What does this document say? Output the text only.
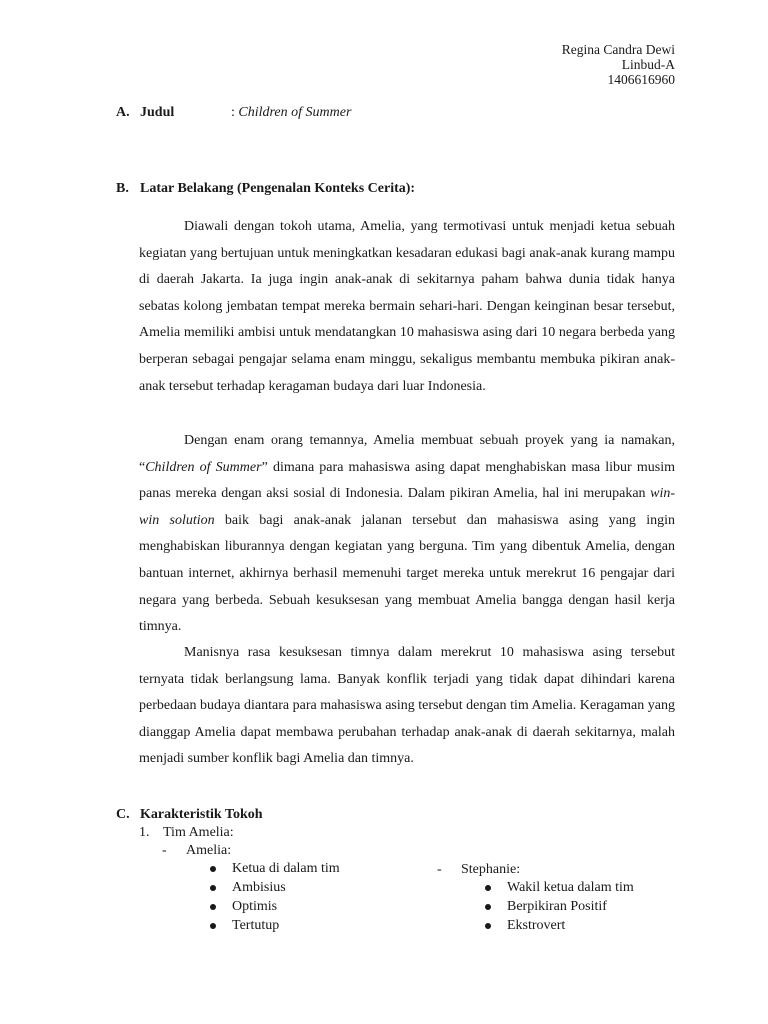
Regina Candra Dewi
Linbud-A
1406616960
A. Judul	: Children of Summer
B. Latar Belakang (Pengenalan Konteks Cerita):

Diawali dengan tokoh utama, Amelia, yang termotivasi untuk menjadi ketua sebuah kegiatan yang bertujuan untuk meningkatkan kesadaran edukasi bagi anak-anak kurang mampu di daerah Jakarta. Ia juga ingin anak-anak di sekitarnya paham bahwa dunia tidak hanya sebatas kolong jembatan tempat mereka bermain sehari-hari. Dengan keinginan besar tersebut, Amelia memiliki ambisi untuk mendatangkan 10 mahasiswa asing dari 10 negara berbeda yang berperan sebagai pengajar selama enam minggu, sekaligus membantu membuka pikiran anak-anak tersebut terhadap keragaman budaya dari luar Indonesia.

Dengan enam orang temannya, Amelia membuat sebuah proyek yang ia namakan, “Children of Summer” dimana para mahasiswa asing dapat menghabiskan masa libur musim panas mereka dengan aksi sosial di Indonesia. Dalam pikiran Amelia, hal ini merupakan win-win solution baik bagi anak-anak jalanan tersebut dan mahasiswa asing yang ingin menghabiskan liburannya dengan kegiatan yang berguna. Tim yang dibentuk Amelia, dengan bantuan internet, akhirnya berhasil memenuhi target mereka untuk merekrut 16 pengajar dari negara yang berbeda. Sebuah kesuksesan yang membuat Amelia bangga dengan hasil kerja timnya.

Manisnya rasa kesuksesan timnya dalam merekrut 10 mahasiswa asing tersebut ternyata tidak berlangsung lama. Banyak konflik terjadi yang tidak dapat dihindari karena perbedaan budaya diantara para mahasiswa asing tersebut dengan tim Amelia. Keragaman yang dianggap Amelia dapat membawa perubahan terhadap anak-anak di daerah sekitarnya, malah menjadi sumber konflik bagi Amelia dan timnya.

C. Karakteristik Tokoh
1. Tim Amelia:
- Amelia:
Ketua di dalam tim
Ambisius
Optimis
Tertutup
- Stephanie:
Wakil ketua dalam tim
Berpikiran Positif
Ekstrovert
